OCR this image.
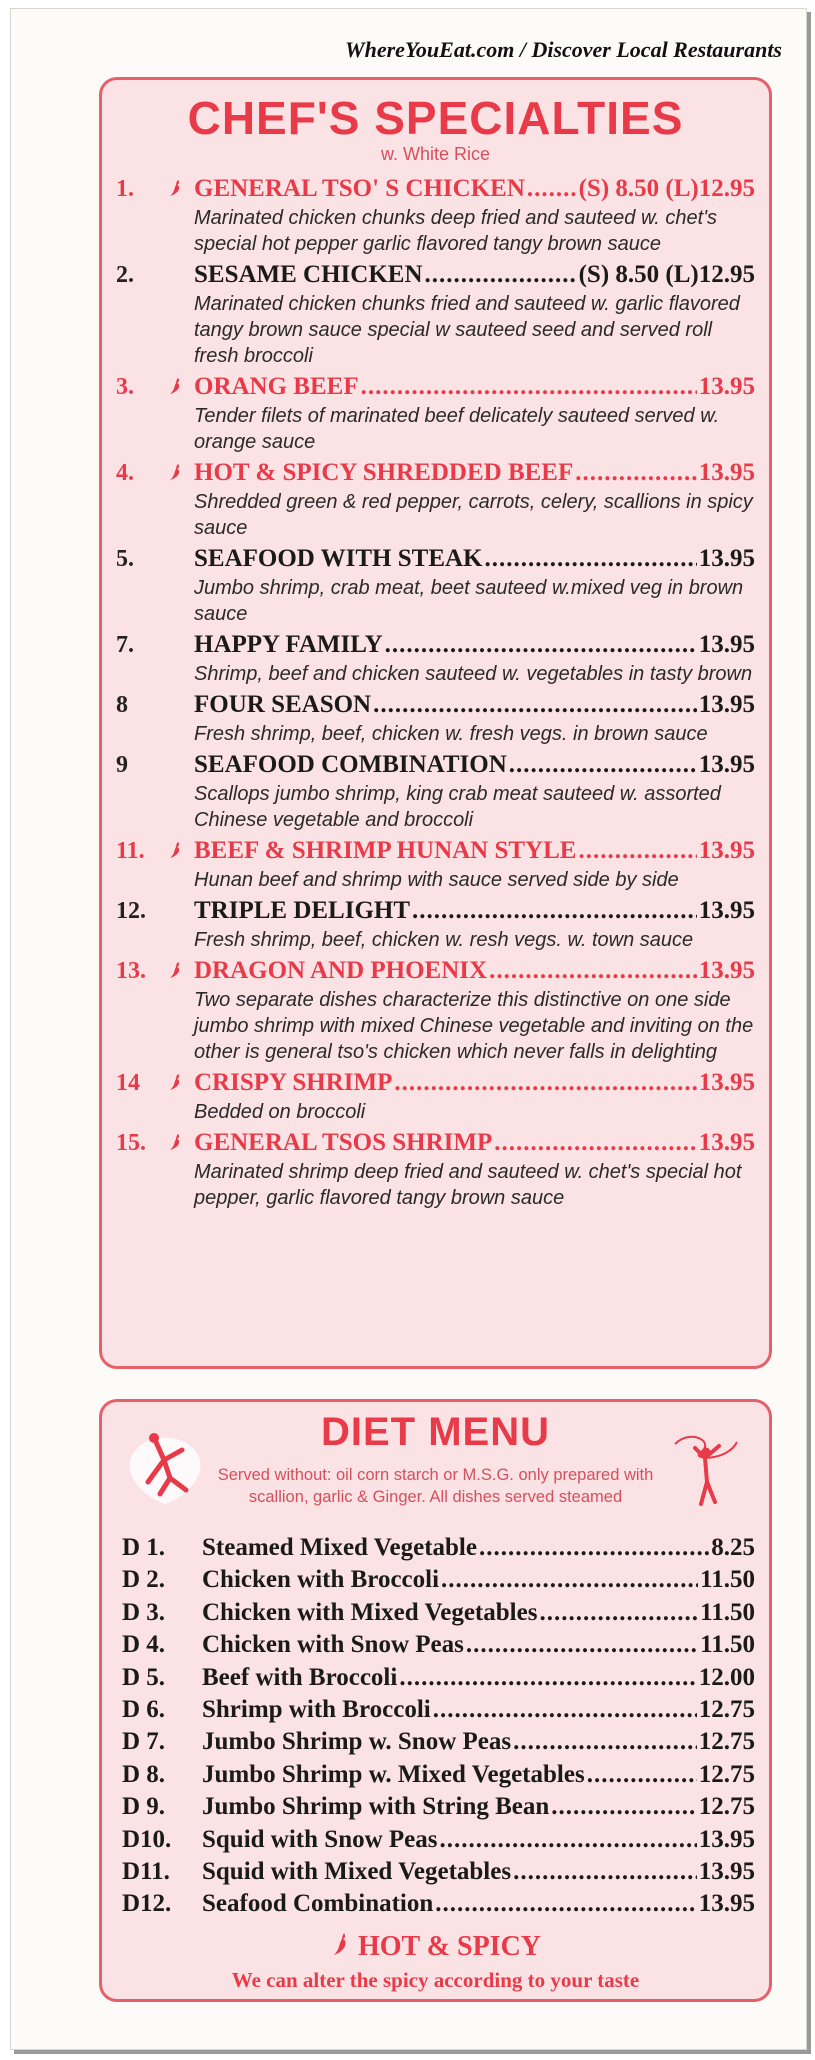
WhereYouEat.com / Discover Local Restaurants
CHEF'S SPECIALTIES
w. White Rice
1. GENERAL TSO' S CHICKEN ..... (S) 8.50 (L)12.95
Marinated chicken chunks deep fried and sauteed w. chet's special hot pepper garlic flavored tangy brown sauce
2. SESAME CHICKEN .....	(S) 8.50 (L)12.95
Marinated chicken chunks fried and sauteed w. garlic flavored tangy brown sauce special w sauteed seed and served roll fresh broccoli
3. ORANG BEEF .....	13.95
Tender filets of marinated beef delicately sauteed served w. orange sauce
4. HOT & SPICY SHREDDED BEEF .....	13.95
Shredded green & red pepper, carrots, celery, scallions in spicy sauce
5. SEAFOOD WITH STEAK .....	13.95
Jumbo shrimp, crab meat, beet sauteed w.mixed veg in brown sauce
7. HAPPY FAMILY .....	13.95
Shrimp, beef and chicken sauteed w. vegetables in tasty brown
8	FOUR SEASON .....	13.95
Fresh shrimp, beef, chicken w. fresh vegs. in brown sauce
9	SEAFOOD COMBINATION .....	13.95
Scallops jumbo shrimp, king crab meat sauteed w. assorted Chinese vegetable and broccoli
11. BEEF & SHRIMP HUNAN STYLE .....	13.95
Hunan beef and shrimp with sauce served side by side
12. TRIPLE DELIGHT .....	13.95
Fresh shrimp, beef, chicken w. resh vegs. w. town sauce
13. DRAGON AND PHOENIX .....	13.95
Two separate dishes characterize this distinctive on one side jumbo shrimp with mixed Chinese vegetable and inviting on the other is general tso's chicken which never falls in delighting
14 CRISPY SHRIMP .....	13.95
Bedded on broccoli
15. GENERAL TSOS SHRIMP .....	13.95
Marinated shrimp deep fried and sauteed w. chet's special hot pepper, garlic flavored tangy brown sauce
DIET MENU
Served without: oil corn starch or M.S.G. only prepared with scallion, garlic & Ginger. All dishes served steamed
D 1.	Steamed Mixed Vegetable .....	8.25
D 2.	Chicken with Broccoli .....	11.50
D 3.	Chicken with Mixed Vegetables .....	11.50
D 4.	Chicken with Snow Peas .....	11.50
D 5.	Beef with Broccoli .....	12.00
D 6.	Shrimp with Broccoli .....	12.75
D 7.	Jumbo Shrimp w. Snow Peas .....	12.75
D 8.	Jumbo Shrimp w. Mixed Vegetables .....	12.75
D 9.	Jumbo Shrimp with String Bean .....	12.75
D10.	Squid with Snow Peas .....	13.95
D11.	Squid with Mixed Vegetables .....	13.95
D12.	Seafood Combination .....	13.95
HOT & SPICY
We can alter the spicy according to your taste
